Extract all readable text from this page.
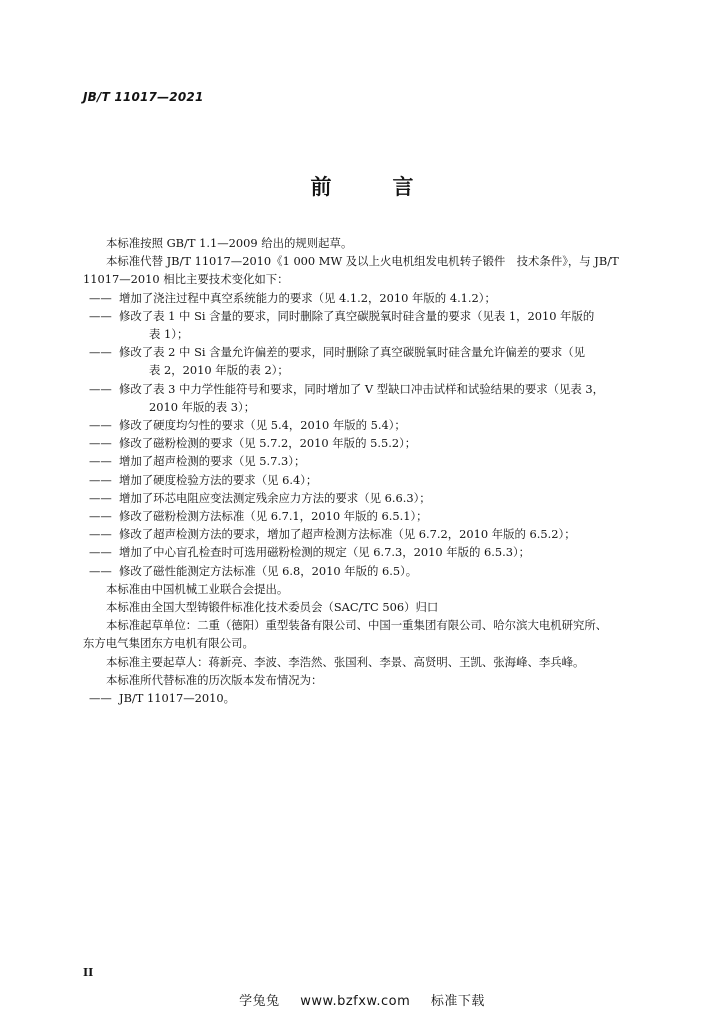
JB/T 11017—2021
前　言

本标准按照 GB/T 1.1—2009 给出的规则起草。

本标准代替 JB/T 11017—2010《1 000 MW 及以上火电机组发电机转子锻件　技术条件》，与 JB/T 11017—2010 相比主要技术变化如下：

—— 增加了浇注过程中真空系统能力的要求（见 4.1.2，2010 年版的 4.1.2）；

—— 修改了表 1 中 Si 含量的要求，同时删除了真空碳脱氧时硅含量的要求（见表 1，2010 年版的
表 1）；

—— 修改了表 2 中 Si 含量允许偏差的要求，同时删除了真空碳脱氧时硅含量允许偏差的要求（见
表 2，2010 年版的表 2）；

—— 修改了表 3 中力学性能符号和要求，同时增加了 V 型缺口冲击试样和试验结果的要求（见表 3，
2010 年版的表 3）；

—— 修改了硬度均匀性的要求（见 5.4，2010 年版的 5.4）；

—— 修改了磁粉检测的要求（见 5.7.2，2010 年版的 5.5.2）；

—— 增加了超声检测的要求（见 5.7.3）；

—— 增加了硬度检验方法的要求（见 6.4）；

—— 增加了环芯电阻应变法测定残余应力方法的要求（见 6.6.3）；

—— 修改了磁粉检测方法标准（见 6.7.1，2010 年版的 6.5.1）；

—— 修改了超声检测方法的要求，增加了超声检测方法标准（见 6.7.2，2010 年版的 6.5.2）；

—— 增加了中心盲孔检查时可选用磁粉检测的规定（见 6.7.3，2010 年版的 6.5.3）；

—— 修改了磁性能测定方法标准（见 6.8，2010 年版的 6.5）。

本标准由中国机械工业联合会提出。

本标准由全国大型铸锻件标准化技术委员会（SAC/TC 506）归口

本标准起草单位：二重（德阳）重型装备有限公司、中国一重集团有限公司、哈尔滨大电机研究所、

东方电气集团东方电机有限公司。

本标准主要起草人：蒋新亮、李波、李浩然、张国利、李景、高贤明、王凯、张海峰、李兵峰。

本标准所代替标准的历次版本发布情况为：

—— JB/T 11017—2010。

II
学兔兔 www.bzfxw.com 标准下载
